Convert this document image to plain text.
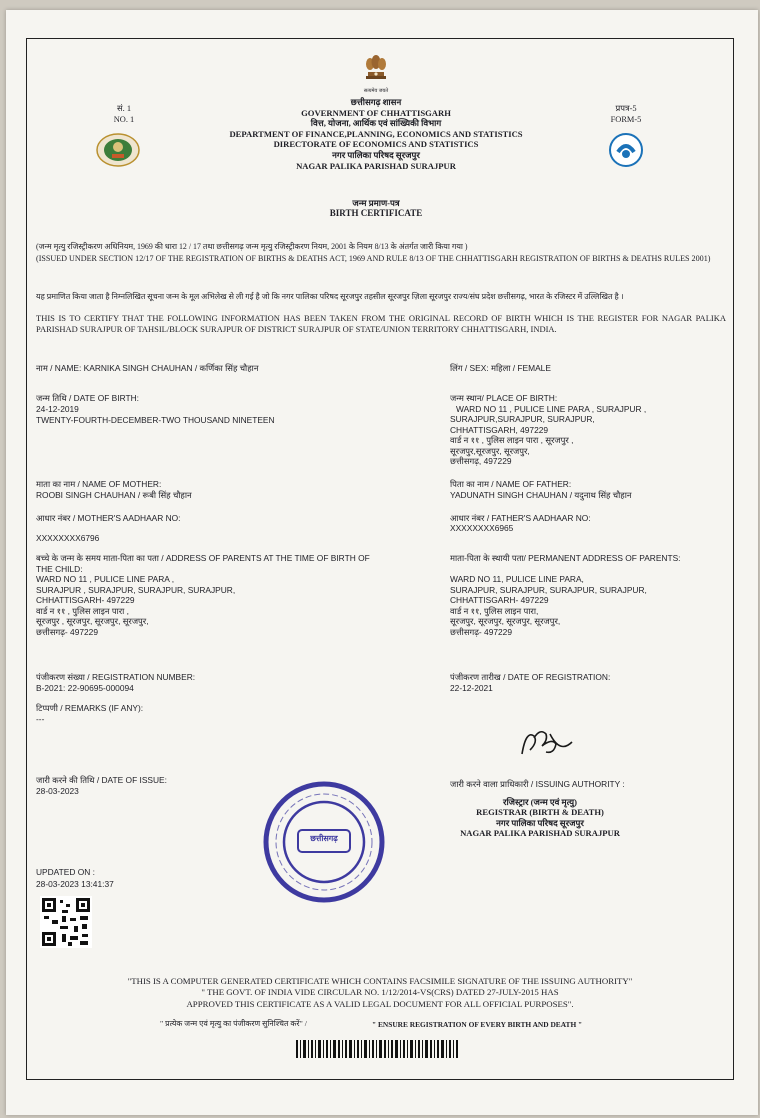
सत्यमेव जयते
सं. 1
NO. 1
प्रपत्र-5
FORM-5
छत्तीसगढ़ शासन
GOVERNMENT OF CHHATTISGARH
वित्त, योजना, आर्थिक एवं सांख्यिकी विभाग
DEPARTMENT OF FINANCE,PLANNING, ECONOMICS AND STATISTICS
DIRECTORATE OF ECONOMICS AND STATISTICS
नगर पालिका परिषद सूरजपुर
NAGAR PALIKA PARISHAD SURAJPUR
जन्म प्रमाण-पत्र
BIRTH CERTIFICATE
(जन्म मृत्यु रजिस्ट्रीकरण अधिनियम, 1969 की धारा 12 / 17 तथा छत्तीसगढ़ जन्म मृत्यु रजिस्ट्रीकरण नियम, 2001 के नियम 8/13 के अंतर्गत जारी किया गया )
(ISSUED UNDER SECTION 12/17 OF THE REGISTRATION OF BIRTHS & DEATHS ACT, 1969 AND RULE 8/13 OF THE CHHATTISGARH REGISTRATION OF BIRTHS & DEATHS RULES 2001)
यह प्रमाणित किया जाता है निम्नलिखित सूचना जन्म के मूल अभिलेख से ली गई है जो कि नगर पालिका परिषद सूरजपुर तहसील सूरजपुर ज़िला सूरजपुर राज्य/संघ प्रदेश छत्तीसगढ़, भारत के रजिस्टर में उल्लिखित है ।
THIS IS TO CERTIFY THAT THE FOLLOWING INFORMATION HAS BEEN TAKEN FROM THE ORIGINAL RECORD OF BIRTH WHICH IS THE REGISTER FOR NAGAR PALIKA PARISHAD SURAJPUR OF TAHSIL/BLOCK SURAJPUR OF DISTRICT SURAJPUR OF STATE/UNION TERRITORY CHHATTISGARH, INDIA.
नाम / NAME: KARNIKA SINGH CHAUHAN / कर्णिका सिंह चौहान	लिंग / SEX: महिला / FEMALE
जन्म तिथि / DATE OF BIRTH:
24-12-2019
TWENTY-FOURTH-DECEMBER-TWO THOUSAND NINETEEN
जन्म स्थान/ PLACE OF BIRTH:
WARD NO 11 , PULICE LINE PARA , SURAJPUR ,
SURAJPUR,SURAJPUR, SURAJPUR,
CHHATTISGARH, 497229
वार्ड न ११ , पुलिस लाइन पारा , सूरजपुर ,
सूरजपुर,सूरजपुर, सूरजपुर,
छत्तीसगढ़, 497229
माता का नाम / NAME OF MOTHER:
ROOBI SINGH CHAUHAN / रूबी सिंह चौहान
पिता का नाम / NAME OF FATHER:
YADUNATH SINGH CHAUHAN / यदुनाथ सिंह चौहान
आधार नंबर / MOTHER'S AADHAAR NO:
XXXXXXXX6796
आधार नंबर / FATHER'S AADHAAR NO:
XXXXXXXX6965
बच्चे के जन्म के समय माता-पिता का पता / ADDRESS OF PARENTS AT THE TIME OF BIRTH OF
THE CHILD:
WARD NO 11 , PULICE LINE PARA ,
SURAJPUR , SURAJPUR, SURAJPUR, SURAJPUR,
CHHATTISGARH- 497229
वार्ड न ११ , पुलिस लाइन पारा ,
सूरजपुर , सूरजपुर, सूरजपुर, सूरजपुर,
छत्तीसगढ़- 497229
माता-पिता के स्थायी पता/ PERMANENT ADDRESS OF PARENTS:
WARD NO 11, PULICE LINE PARA,
SURAJPUR, SURAJPUR, SURAJPUR, SURAJPUR,
CHHATTISGARH- 497229
वार्ड न ११, पुलिस लाइन पारा,
सूरजपुर, सूरजपुर, सूरजपुर, सूरजपुर,
छत्तीसगढ़- 497229
पंजीकरण संख्या / REGISTRATION NUMBER:
B-2021: 22-90695-000094
पंजीकरण तारीख / DATE OF REGISTRATION:
22-12-2021
टिप्पणी / REMARKS (IF ANY):
---
जारी करने की तिथि / DATE OF ISSUE:
28-03-2023
जारी करने वाला प्राधिकारी / ISSUING AUTHORITY :
रजिस्ट्रार (जन्म एवं मृत्यु)
REGISTRAR (BIRTH & DEATH)
नगर पालिका परिषद सूरजपुर
NAGAR PALIKA PARISHAD SURAJPUR
छत्तीसगढ़
UPDATED ON :
28-03-2023 13:41:37
"THIS IS A COMPUTER GENERATED CERTIFICATE WHICH CONTAINS FACSIMILE SIGNATURE OF THE ISSUING AUTHORITY"
" THE GOVT. OF INDIA VIDE CIRCULAR NO. 1/12/2014-VS(CRS) DATED 27-JULY-2015 HAS
APPROVED THIS CERTIFICATE AS A VALID LEGAL DOCUMENT FOR ALL OFFICIAL PURPOSES".
" प्रत्येक जन्म एवं मृत्यु का पंजीकरण सुनिश्चित करें" /	" ENSURE REGISTRATION OF EVERY BIRTH AND DEATH "
